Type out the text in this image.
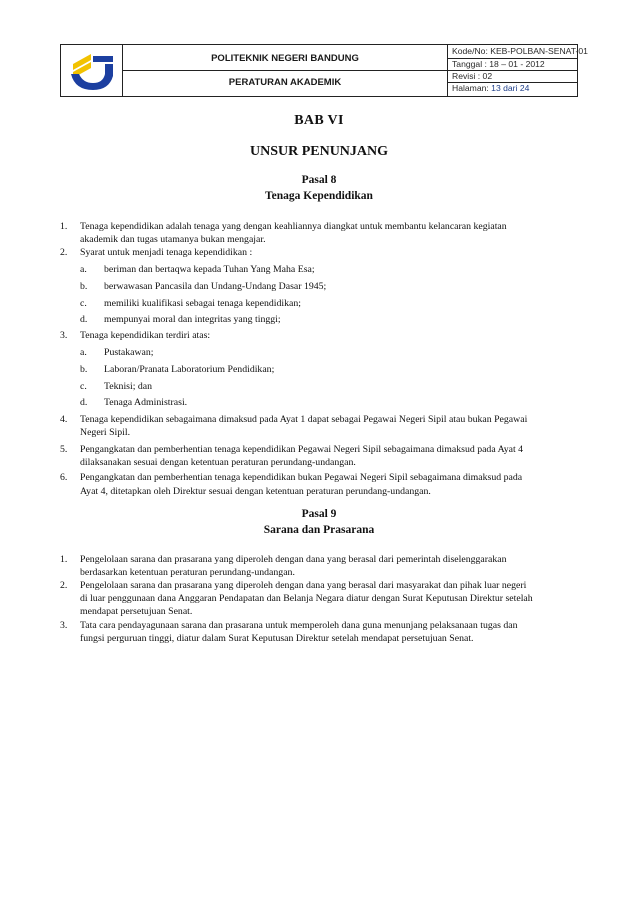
POLITEKNIK NEGERI BANDUNG
PERATURAN AKADEMIK
Kode/No: KEB-POLBAN-SENAT-01
Tanggal : 18 – 01 - 2012
Revisi : 02
Halaman: 13 dari 24
BAB VI
UNSUR PENUNJANG
Pasal 8
Tenaga Kependidikan
1. Tenaga kependidikan adalah tenaga yang dengan keahliannya diangkat untuk membantu kelancaran kegiatan
akademik dan tugas utamanya bukan mengajar.
2. Syarat untuk menjadi tenaga kependidikan :
a. beriman dan bertaqwa kepada Tuhan Yang Maha Esa;
b. berwawasan Pancasila dan Undang-Undang Dasar 1945;
c. memiliki kualifikasi sebagai tenaga kependidikan;
d. mempunyai moral dan integritas yang tinggi;
3. Tenaga kependidikan terdiri atas:
a. Pustakawan;
b. Laboran/Pranata Laboratorium Pendidikan;
c. Teknisi; dan
d. Tenaga Administrasi.
4. Tenaga kependidikan sebagaimana dimaksud pada Ayat 1 dapat sebagai Pegawai Negeri Sipil atau bukan Pegawai
Negeri Sipil.
5. Pengangkatan dan pemberhentian tenaga kependidikan Pegawai Negeri Sipil sebagaimana dimaksud pada Ayat 4
dilaksanakan sesuai dengan ketentuan peraturan perundang-undangan.
6. Pengangkatan dan pemberhentian tenaga kependidikan bukan Pegawai Negeri Sipil sebagaimana dimaksud pada
Ayat 4, ditetapkan oleh Direktur sesuai dengan ketentuan peraturan perundang-undangan.
Pasal 9
Sarana dan Prasarana
1. Pengelolaan sarana dan prasarana yang diperoleh dengan dana yang berasal dari pemerintah diselenggarakan
berdasarkan ketentuan peraturan perundang-undangan.
2. Pengelolaan sarana dan prasarana yang diperoleh dengan dana yang berasal dari masyarakat dan pihak luar negeri
di luar penggunaan dana Anggaran Pendapatan dan Belanja Negara diatur dengan Surat Keputusan Direktur setelah
mendapat persetujuan Senat.
3. Tata cara pendayagunaan sarana dan prasarana untuk memperoleh dana guna menunjang pelaksanaan tugas dan
fungsi perguruan tinggi, diatur dalam Surat Keputusan Direktur setelah mendapat persetujuan Senat.
